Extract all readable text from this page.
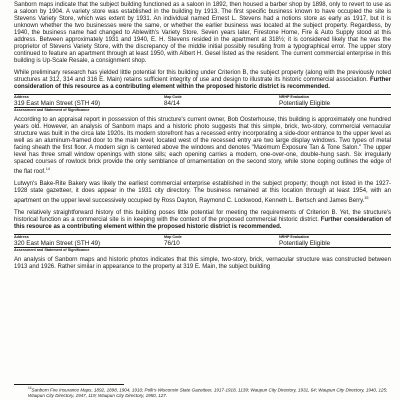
Sanborn maps indicate that the subject building functioned as a saloon in 1892, then housed a barber shop by 1898, only to revert to use as a saloon by 1904. A variety store was established in the building by 1913. The first specific business known to have occupied the site is Stevens Variety Store, which was extent by 1931. An individual named Ernest L. Stevens had a notions store as early as 1917, but it is unknown whether the two businesses were the same, or whether the earlier business was located at the subject property. Regardless, by 1940, the business name had changed to Ablewith's Variety Store. Seven years later, Firestone Home, Fire & Auto Supply stood at this address. Between approximately 1931 and 1940, E. H. Stevens resided in the apartment at 318½; it is considered likely that he was the proprietor of Stevens Variety Store, with the discrepancy of the middle initial possibly resulting from a typographical error. The upper story continued to feature an apartment through at least 1950, with Albert H. Gesel listed as the resident. The current commercial enterprise in this building is Up-Scale Resale, a consignment shop.

While preliminary research has yielded little potential for this building under Criterion B, the subject property (along with the previously noted structures at 312, 314 and 316 E. Main) retains sufficient integrity of use and design to illustrate its historic commercial association. Further consideration of this resource as a contributing element within the proposed historic district is recommended.

Address	Map Code	NRHP Evaluation
319 East Main Street (STH 49)	84/14	Potentially Eligible
Assessment and Statement of Significance

According to an appraisal report in possession of this structure's current owner, Bob Oosterhouse, this building is approximately one hundred years old. However, an analysis of Sanborn maps and a historic photo suggests that this simple, brick, two-story, commercial vernacular structure was built in the circa late 1920s. Its modern storefront has a recessed entry incorporating a side-door entrance to the upper level as well as an aluminum-framed door to the main level; located west of the recessed entry are two large display windows. Two types of metal facing sheath the first floor. A modern sign is centered above the windows and denotes "Maximum Exposure Tan & Tone Salon." The upper level has three small window openings with stone sills; each opening carries a modern, one-over-one, double-hung sash. Six irregularly spaced courses of rowlock brick provide the only semblance of ornamentation on the second story, while stone coping outlines the edge of the flat roof.$^{14}$

Lutwyn's Bake-Rite Bakery was likely the earliest commercial enterprise established in the subject property; though not listed in the 1927-1928 state gazetteer, it does appear in the 1931 city directory. The business remained at this location through at least 1954, with an apartment on the upper level successively occupied by Ross Dayton, Raymond C. Lockwood, Kenneth L. Bertsch and James Berry.$^{15}$

The relatively straightforward history of this building poses little potential for meeting the requirements of Criterion B. Yet, the structure's historical function as a commercial site is in keeping with the context of the proposed commercial historic district. Further consideration of this resource as a contributing element within the proposed historic district is recommended.

Address	Map Code	NRHP Evaluation
320 East Main Street (STH 49)	76/10	Potentially Eligible
Assessment and Statement of Significance

An analysis of Sanborn maps and historic photos indicates that this simple, two-story, brick, vernacular structure was constructed between 1913 and 1926. Rather similar in appearance to the property at 319 E. Main, the subject building

$^{14}$Sanborn Fire Insurance Maps, 1892, 1898, 1904, 1910; Polk's Wisconsin State Gazetteer, 1917-1918, 1139; Waupun City Directory, 1931, 64; Waupun City Directory, 1940, 125; Waupun City Directory, 1947, 119; Waupun City Directory, 1950, 127.
